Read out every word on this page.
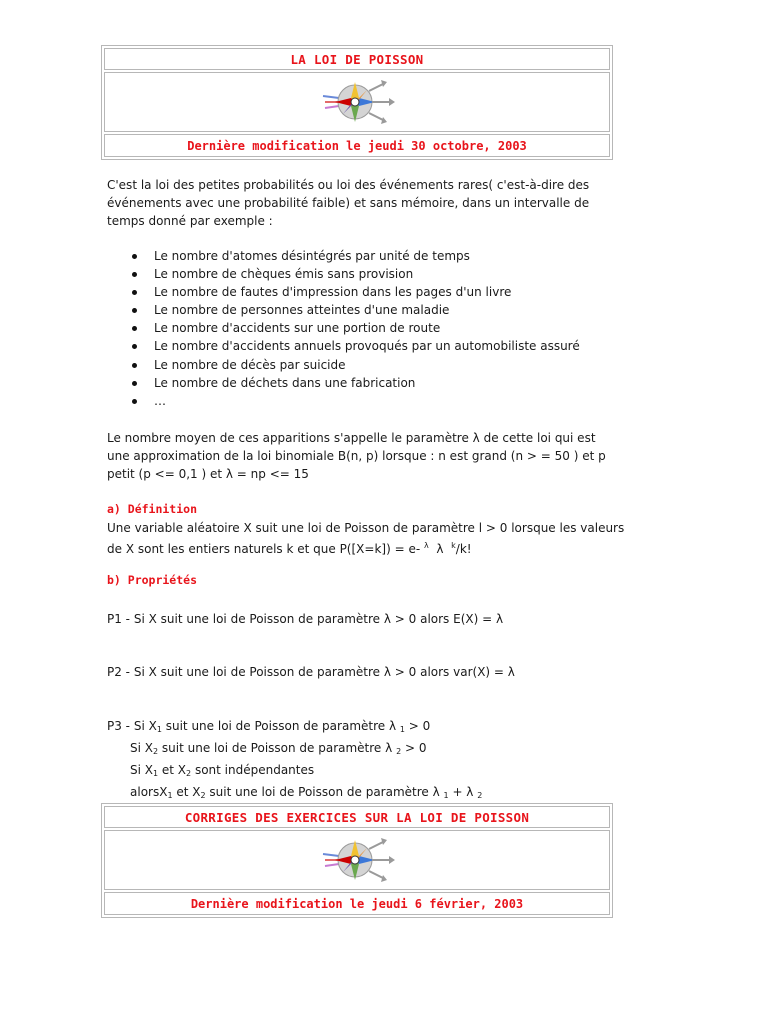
LA LOI DE POISSON
Dernière modification le jeudi 30 octobre, 2003
C'est la loi des petites probabilités ou loi des événements rares( c'est-à-dire des événements avec une probabilité faible) et sans mémoire, dans un intervalle de temps donné par exemple :
Le nombre d'atomes désintégrés par unité de temps
Le nombre de chèques émis sans provision
Le nombre de fautes d'impression dans les pages d'un livre
Le nombre de personnes atteintes d'une maladie
Le nombre d'accidents sur une portion de route
Le nombre d'accidents annuels provoqués par un automobiliste assuré
Le nombre de décès par suicide
Le nombre de déchets dans une fabrication
…
Le nombre moyen de ces apparitions s'appelle le paramètre λ de cette loi qui est
une approximation de la loi binomiale B(n, p) lorsque : n est grand (n > = 50 ) et p
petit (p <= 0,1 ) et λ = np <= 15
a) Définition
Une variable aléatoire X suit une loi de Poisson de paramètre l > 0 lorsque les valeurs
de X sont les entiers naturels k et que P([X=k]) = e- $^\lambda$ λ $^k$/k!
b) Propriétés
P1 - Si X suit une loi de Poisson de paramètre λ > 0 alors E(X) = λ
P2 - Si X suit une loi de Poisson de paramètre λ > 0 alors var(X) = λ
P3 - Si $X_1$ suit une loi de Poisson de paramètre λ $_1$ > 0
Si $X_2$ suit une loi de Poisson de paramètre λ $_2$ > 0
Si $X_1$ et $X_2$ sont indépendantes
alorsX$_1$ et $X_2$ suit une loi de Poisson de paramètre λ $_1$ + λ $_2$
CORRIGES DES EXERCICES SUR LA LOI DE POISSON
Dernière modification le jeudi 6 février, 2003
